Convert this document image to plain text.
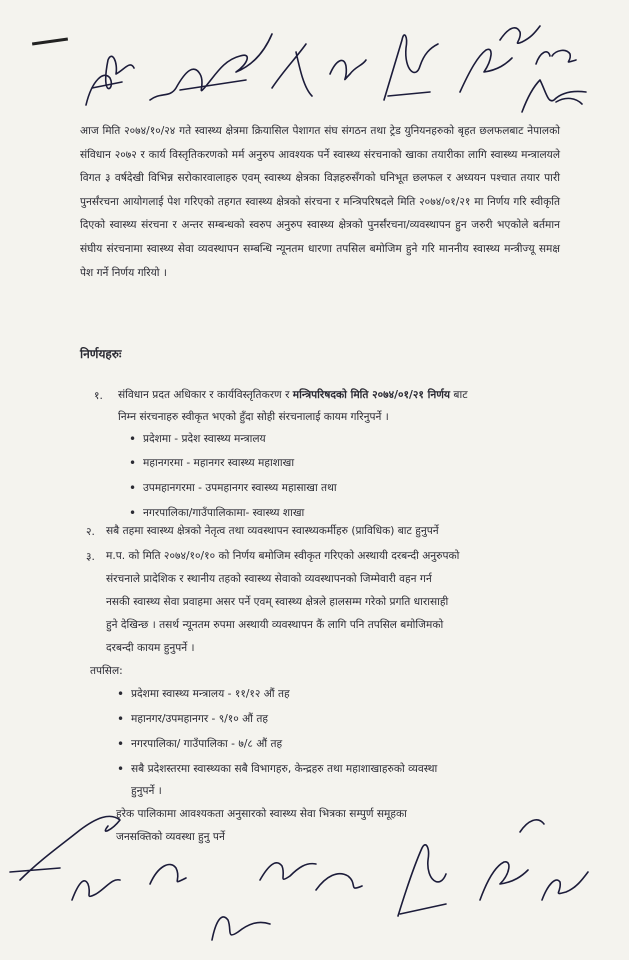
आज मिति २०७४/१०/२४ गते स्वास्थ्य क्षेत्रमा क्रियासिल पेशागत संघ संगठन तथा ट्रेड युनियनहरुको बृहत छलफलबाट नेपालको संविधान २०७२ र कार्य विस्तृतिकरणको मर्म अनुरुप आवश्यक पर्ने स्वास्थ्य संरचनाको खाका तयारीका लागि स्वास्थ्य मन्त्रालयले विगत ३ वर्षदेखी विभिन्न सरोकारवालाहरु एवम् स्वास्थ्य क्षेत्रका विज्ञहरुसँगको घनिभूत छलफल र अध्ययन पश्चात तयार पारी पुनर्संरचना आयोगलाई पेश गरिएको तहगत स्वास्थ्य क्षेत्रको संरचना र मन्त्रिपरिषदले मिति २०७४/०१/२१ मा निर्णय गरि स्वीकृति दिएको स्वास्थ्य संरचना र अन्तर सम्बन्धको स्वरुप अनुरुप स्वास्थ्य क्षेत्रको पुनर्संरचना/व्यवस्थापन हुन जरुरी भएकोले बर्तमान संघीय संरचनामा स्वास्थ्य सेवा व्यवस्थापन सम्बन्धि न्यूनतम धारणा तपसिल बमोजिम हुने गरि माननीय स्वास्थ्य मन्त्रीज्यू समक्ष पेश गर्ने निर्णय गरियो ।
निर्णयहरुः
१. संविधान प्रदत अधिकार र कार्यविस्तृतिकरण र मन्त्रिपरिषदको मिति २०७४/०१/२१ निर्णय बाट
निम्न संरचनाहरु स्वीकृत भएको हुँदा सोही संरचनालाई कायम गरिनुपर्ने ।
• प्रदेशमा - प्रदेश स्वास्थ्य मन्त्रालय
• महानगरमा - महानगर स्वास्थ्य महाशाखा
• उपमहानगरमा - उपमहानगर स्वास्थ्य महासाखा तथा
• नगरपालिका/गाउँपालिकामा- स्वास्थ्य शाखा
२. सबै तहमा स्वास्थ्य क्षेत्रको नेतृत्व तथा व्यवस्थापन स्वास्थ्यकर्मीहरु (प्राविधिक) बाट हुनुपर्ने
३. म.प. को मिति २०७४/१०/१० को निर्णय बमोजिम स्वीकृत गरिएको अस्थायी दरबन्दी अनुरुपको
संरचनाले प्रादेशिक र स्थानीय तहको स्वास्थ्य सेवाको व्यवस्थापनको जिम्मेवारी वहन गर्न
नसकी स्वास्थ्य सेवा प्रवाहमा असर पर्ने एवम् स्वास्थ्य क्षेत्रले हालसम्म गरेको प्रगति धारासाही
हुने देखिन्छ । तसर्थ न्यूनतम रुपमा अस्थायी व्यवस्थापन कैं लागि पनि तपसिल बमोजिमको
दरबन्दी कायम हुनुपर्ने ।
तपसिल:
• प्रदेशमा स्वास्थ्य मन्त्रालय - ११/१२ औं तह
• महानगर/उपमहानगर - ९/१० औं तह
• नगरपालिका/ गाउँपालिका - ७/८ औं तह
• सबै प्रदेशस्तरमा स्वास्थ्यका सबै विभागहरु, केन्द्रहरु तथा महाशाखाहरुको व्यवस्था
हुनुपर्ने ।
हरेक पालिकामा आवश्यकता अनुसारको स्वास्थ्य सेवा भित्रका सम्पुर्ण समूहका
जनसक्तिको व्यवस्था हुनु पर्ने
